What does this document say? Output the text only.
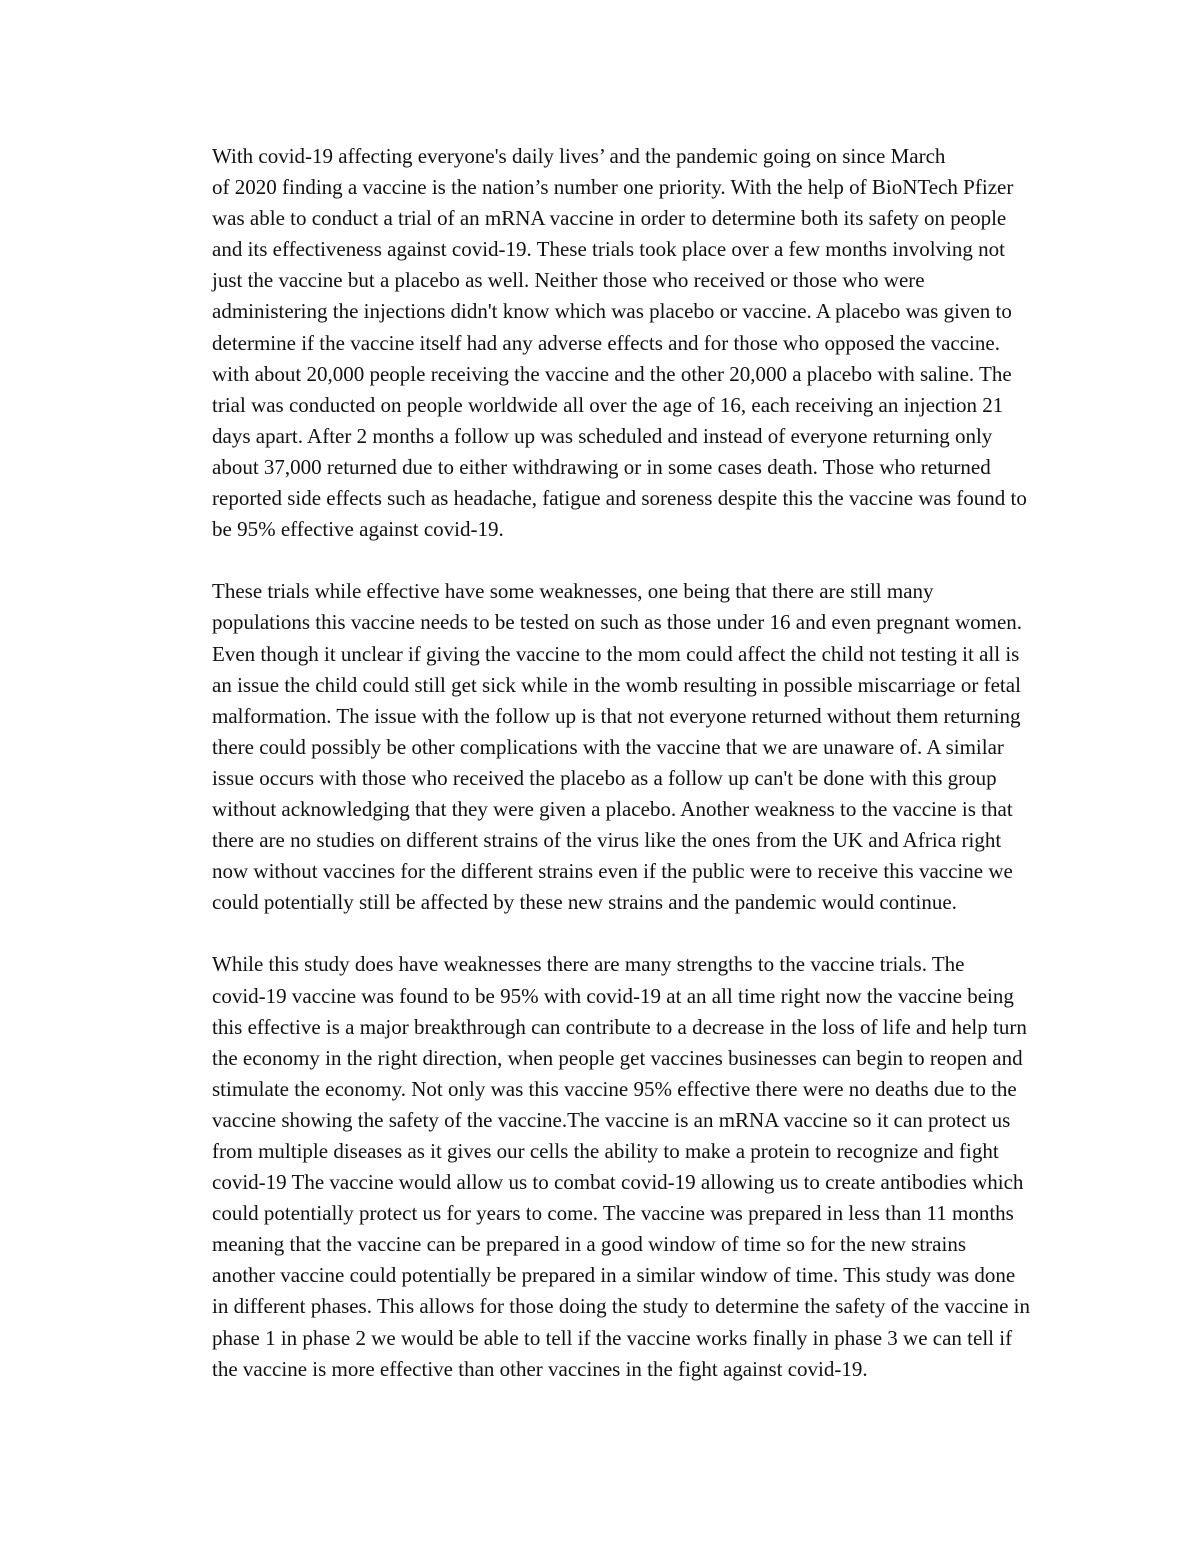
With covid-19 affecting everyone's daily lives’ and the pandemic going on since March
of 2020 finding a vaccine is the nation’s number one priority. With the help of BioNTech Pfizer
was able to conduct a trial of an mRNA vaccine in order to determine both its safety on people
and its effectiveness against covid-19. These trials took place over a few months involving not
just the vaccine but a placebo as well. Neither those who received or those who were
administering the injections didn't know which was placebo or vaccine. A placebo was given to
determine if the vaccine itself had any adverse effects and for those who opposed the vaccine.
with about 20,000 people receiving the vaccine and the other 20,000 a placebo with saline. The
trial was conducted on people worldwide all over the age of 16, each receiving an injection 21
days apart. After 2 months a follow up was scheduled and instead of everyone returning only
about 37,000 returned due to either withdrawing or in some cases death. Those who returned
reported side effects such as headache, fatigue and soreness despite this the vaccine was found to
be 95% effective against covid-19.

These trials while effective have some weaknesses, one being that there are still many
populations this vaccine needs to be tested on such as those under 16 and even pregnant women.
Even though it unclear if giving the vaccine to the mom could affect the child not testing it all is
an issue the child could still get sick while in the womb resulting in possible miscarriage or fetal
malformation. The issue with the follow up is that not everyone returned without them returning
there could possibly be other complications with the vaccine that we are unaware of. A similar
issue occurs with those who received the placebo as a follow up can't be done with this group
without acknowledging that they were given a placebo. Another weakness to the vaccine is that
there are no studies on different strains of the virus like the ones from the UK and Africa right
now without vaccines for the different strains even if the public were to receive this vaccine we
could potentially still be affected by these new strains and the pandemic would continue.

While this study does have weaknesses there are many strengths to the vaccine trials. The
covid-19 vaccine was found to be 95% with covid-19 at an all time right now the vaccine being
this effective is a major breakthrough can contribute to a decrease in the loss of life and help turn
the economy in the right direction, when people get vaccines businesses can begin to reopen and
stimulate the economy. Not only was this vaccine 95% effective there were no deaths due to the
vaccine showing the safety of the vaccine.The vaccine is an mRNA vaccine so it can protect us
from multiple diseases as it gives our cells the ability to make a protein to recognize and fight
covid-19 The vaccine would allow us to combat covid-19 allowing us to create antibodies which
could potentially protect us for years to come. The vaccine was prepared in less than 11 months
meaning that the vaccine can be prepared in a good window of time so for the new strains
another vaccine could potentially be prepared in a similar window of time. This study was done
in different phases. This allows for those doing the study to determine the safety of the vaccine in
phase 1 in phase 2 we would be able to tell if the vaccine works finally in phase 3 we can tell if
the vaccine is more effective than other vaccines in the fight against covid-19.
